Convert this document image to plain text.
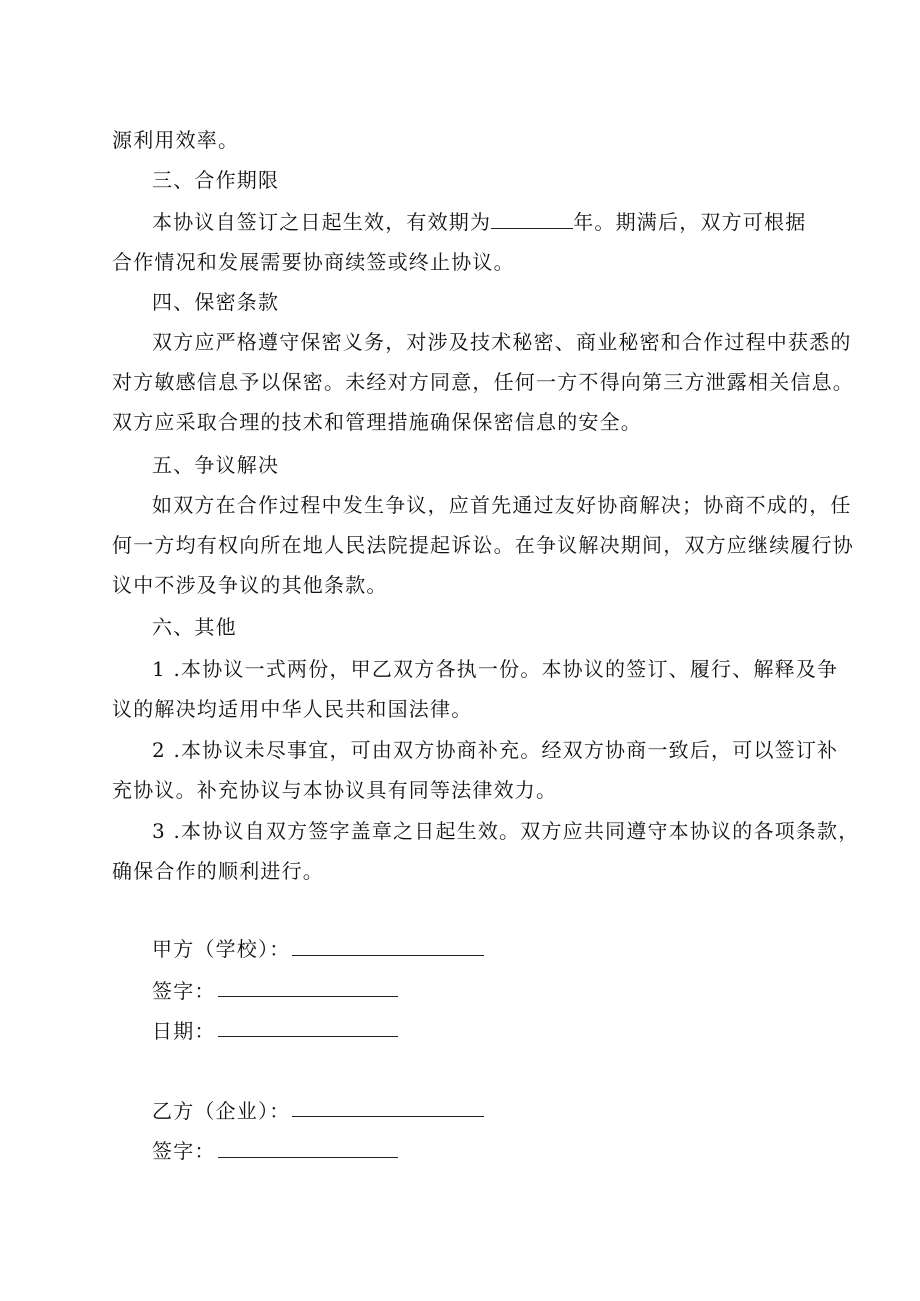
源利用效率。
三、合作期限
本协议自签订之日起生效，有效期为	年。期满后，双方可根据
合作情况和发展需要协商续签或终止协议。
四、保密条款
双方应严格遵守保密义务，对涉及技术秘密、商业秘密和合作过程中获悉的
对方敏感信息予以保密。未经对方同意，任何一方不得向第三方泄露相关信息。
双方应采取合理的技术和管理措施确保保密信息的安全。
五、争议解决
如双方在合作过程中发生争议，应首先通过友好协商解决；协商不成的，任
何一方均有权向所在地人民法院提起诉讼。在争议解决期间，双方应继续履行协
议中不涉及争议的其他条款。
六、其他
1 .本协议一式两份，甲乙双方各执一份。本协议的签订、履行、解释及争
议的解决均适用中华人民共和国法律。
2 .本协议未尽事宜，可由双方协商补充。经双方协商一致后，可以签订补
充协议。补充协议与本协议具有同等法律效力。
3 .本协议自双方签字盖章之日起生效。双方应共同遵守本协议的各项条款，
确保合作的顺利进行。
甲方（学校）：
签字：
日期：
乙方（企业）：
签字：
